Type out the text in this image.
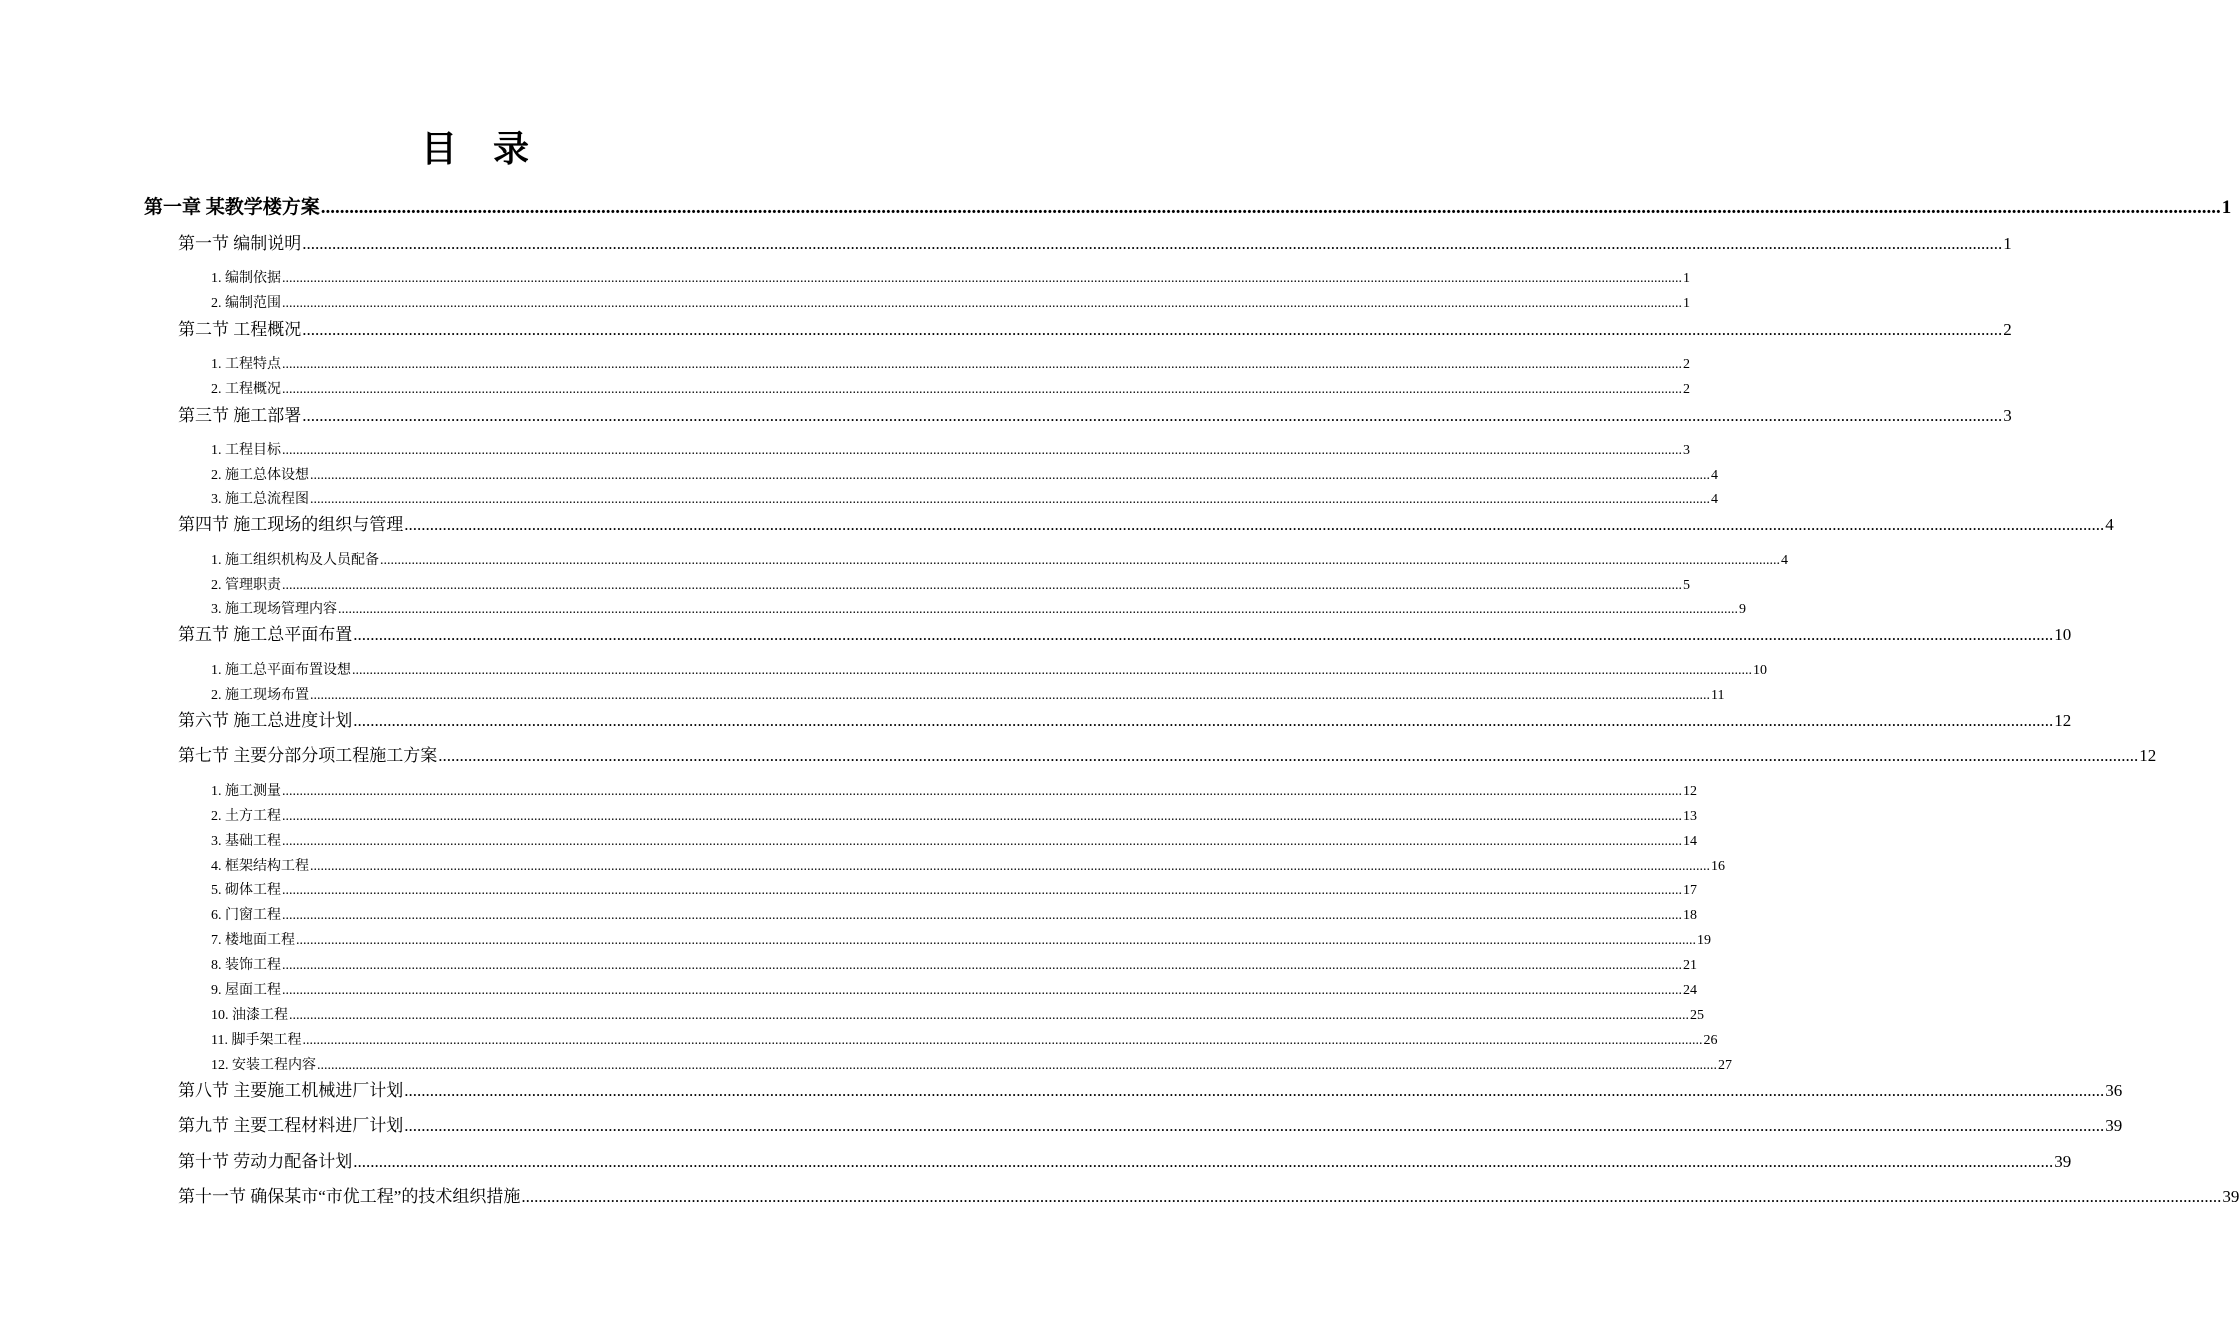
目　录
第一章 某教学楼方案 ................................................................................................................................................................................................................................................................................................................................................................................................................ 1
第一节 编制说明 ................................................................................................................................................................................................................................................................................................................................................................................................................ 1
1. 编制依据 ................................................................................................................................................................................................................................................................................................................................................................................................................ 1
2. 编制范围 ................................................................................................................................................................................................................................................................................................................................................................................................................ 1
第二节 工程概况 ................................................................................................................................................................................................................................................................................................................................................................................................................ 2
1. 工程特点 ................................................................................................................................................................................................................................................................................................................................................................................................................ 2
2. 工程概况 ................................................................................................................................................................................................................................................................................................................................................................................................................ 2
第三节 施工部署 ................................................................................................................................................................................................................................................................................................................................................................................................................ 3
1. 工程目标 ................................................................................................................................................................................................................................................................................................................................................................................................................ 3
2. 施工总体设想 ................................................................................................................................................................................................................................................................................................................................................................................................................ 4
3. 施工总流程图 ................................................................................................................................................................................................................................................................................................................................................................................................................ 4
第四节 施工现场的组织与管理 ................................................................................................................................................................................................................................................................................................................................................................................................................ 4
1. 施工组织机构及人员配备 ................................................................................................................................................................................................................................................................................................................................................................................................................ 4
2. 管理职责 ................................................................................................................................................................................................................................................................................................................................................................................................................ 5
3. 施工现场管理内容 ................................................................................................................................................................................................................................................................................................................................................................................................................ 9
第五节 施工总平面布置 ................................................................................................................................................................................................................................................................................................................................................................................................................ 10
1. 施工总平面布置设想 ................................................................................................................................................................................................................................................................................................................................................................................................................ 10
2. 施工现场布置 ................................................................................................................................................................................................................................................................................................................................................................................................................ 11
第六节 施工总进度计划 ................................................................................................................................................................................................................................................................................................................................................................................................................ 12
第七节 主要分部分项工程施工方案 ................................................................................................................................................................................................................................................................................................................................................................................................................ 12
1. 施工测量 ................................................................................................................................................................................................................................................................................................................................................................................................................ 12
2. 土方工程 ................................................................................................................................................................................................................................................................................................................................................................................................................ 13
3. 基础工程 ................................................................................................................................................................................................................................................................................................................................................................................................................ 14
4. 框架结构工程 ................................................................................................................................................................................................................................................................................................................................................................................................................ 16
5. 砌体工程 ................................................................................................................................................................................................................................................................................................................................................................................................................ 17
6. 门窗工程 ................................................................................................................................................................................................................................................................................................................................................................................................................ 18
7. 楼地面工程 ................................................................................................................................................................................................................................................................................................................................................................................................................ 19
8. 装饰工程 ................................................................................................................................................................................................................................................................................................................................................................................................................ 21
9. 屋面工程 ................................................................................................................................................................................................................................................................................................................................................................................................................ 24
10. 油漆工程 ................................................................................................................................................................................................................................................................................................................................................................................................................ 25
11. 脚手架工程 ................................................................................................................................................................................................................................................................................................................................................................................................................ 26
12. 安装工程内容 ................................................................................................................................................................................................................................................................................................................................................................................................................ 27
第八节 主要施工机械进厂计划 ................................................................................................................................................................................................................................................................................................................................................................................................................ 36
第九节 主要工程材料进厂计划 ................................................................................................................................................................................................................................................................................................................................................................................................................ 39
第十节 劳动力配备计划 ................................................................................................................................................................................................................................................................................................................................................................................................................ 39
第十一节 确保某市“市优工程”的技术组织措施 ................................................................................................................................................................................................................................................................................................................................................................................................................ 39
